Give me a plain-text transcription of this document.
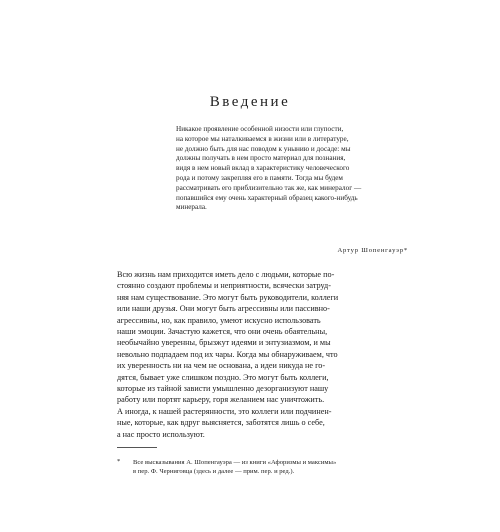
Введение
Никакое проявление особенной низости или глупости,
на которое мы наталкиваемся в жизни или в литературе,
не должно быть для нас поводом к унынию и досаде: мы
должны получать в нем просто материал для познания,
видя в нем новый вклад в характеристику человеческого
рода и потому закрепляя его в памяти. Тогда мы будем
рассматривать его приблизительно так же, как минералог —
попавшийся ему очень характерный образец какого-нибудь
минерала.
Артур Шопенгауэр*
Всю жизнь нам приходится иметь дело с людьми, которые по-
стоянно создают проблемы и неприятности, всячески затруд-
няя нам существование. Это могут быть руководители, коллеги
или наши друзья. Они могут быть агрессивны или пассивно-
агрессивны, но, как правило, умеют искусно использовать
наши эмоции. Зачастую кажется, что они очень обаятельны,
необычайно уверенны, брызжут идеями и энтузиазмом, и мы
невольно подпадаем под их чары. Когда мы обнаруживаем, что
их уверенность ни на чем не основана, а идеи никуда не го-
дятся, бывает уже слишком поздно. Это могут быть коллеги,
которые из тайной зависти умышленно дезорганизуют нашу
работу или портят карьеру, горя желанием нас уничтожить.
А иногда, к нашей растерянности, это коллеги или подчинен-
ные, которые, как вдруг выясняется, заботятся лишь о себе,
а нас просто используют.
* Все высказывания А. Шопенгауэра — из книги «Афоризмы и максимы»
в пер. Ф. Черниговца (здесь и далее — прим. пер. и ред.).
